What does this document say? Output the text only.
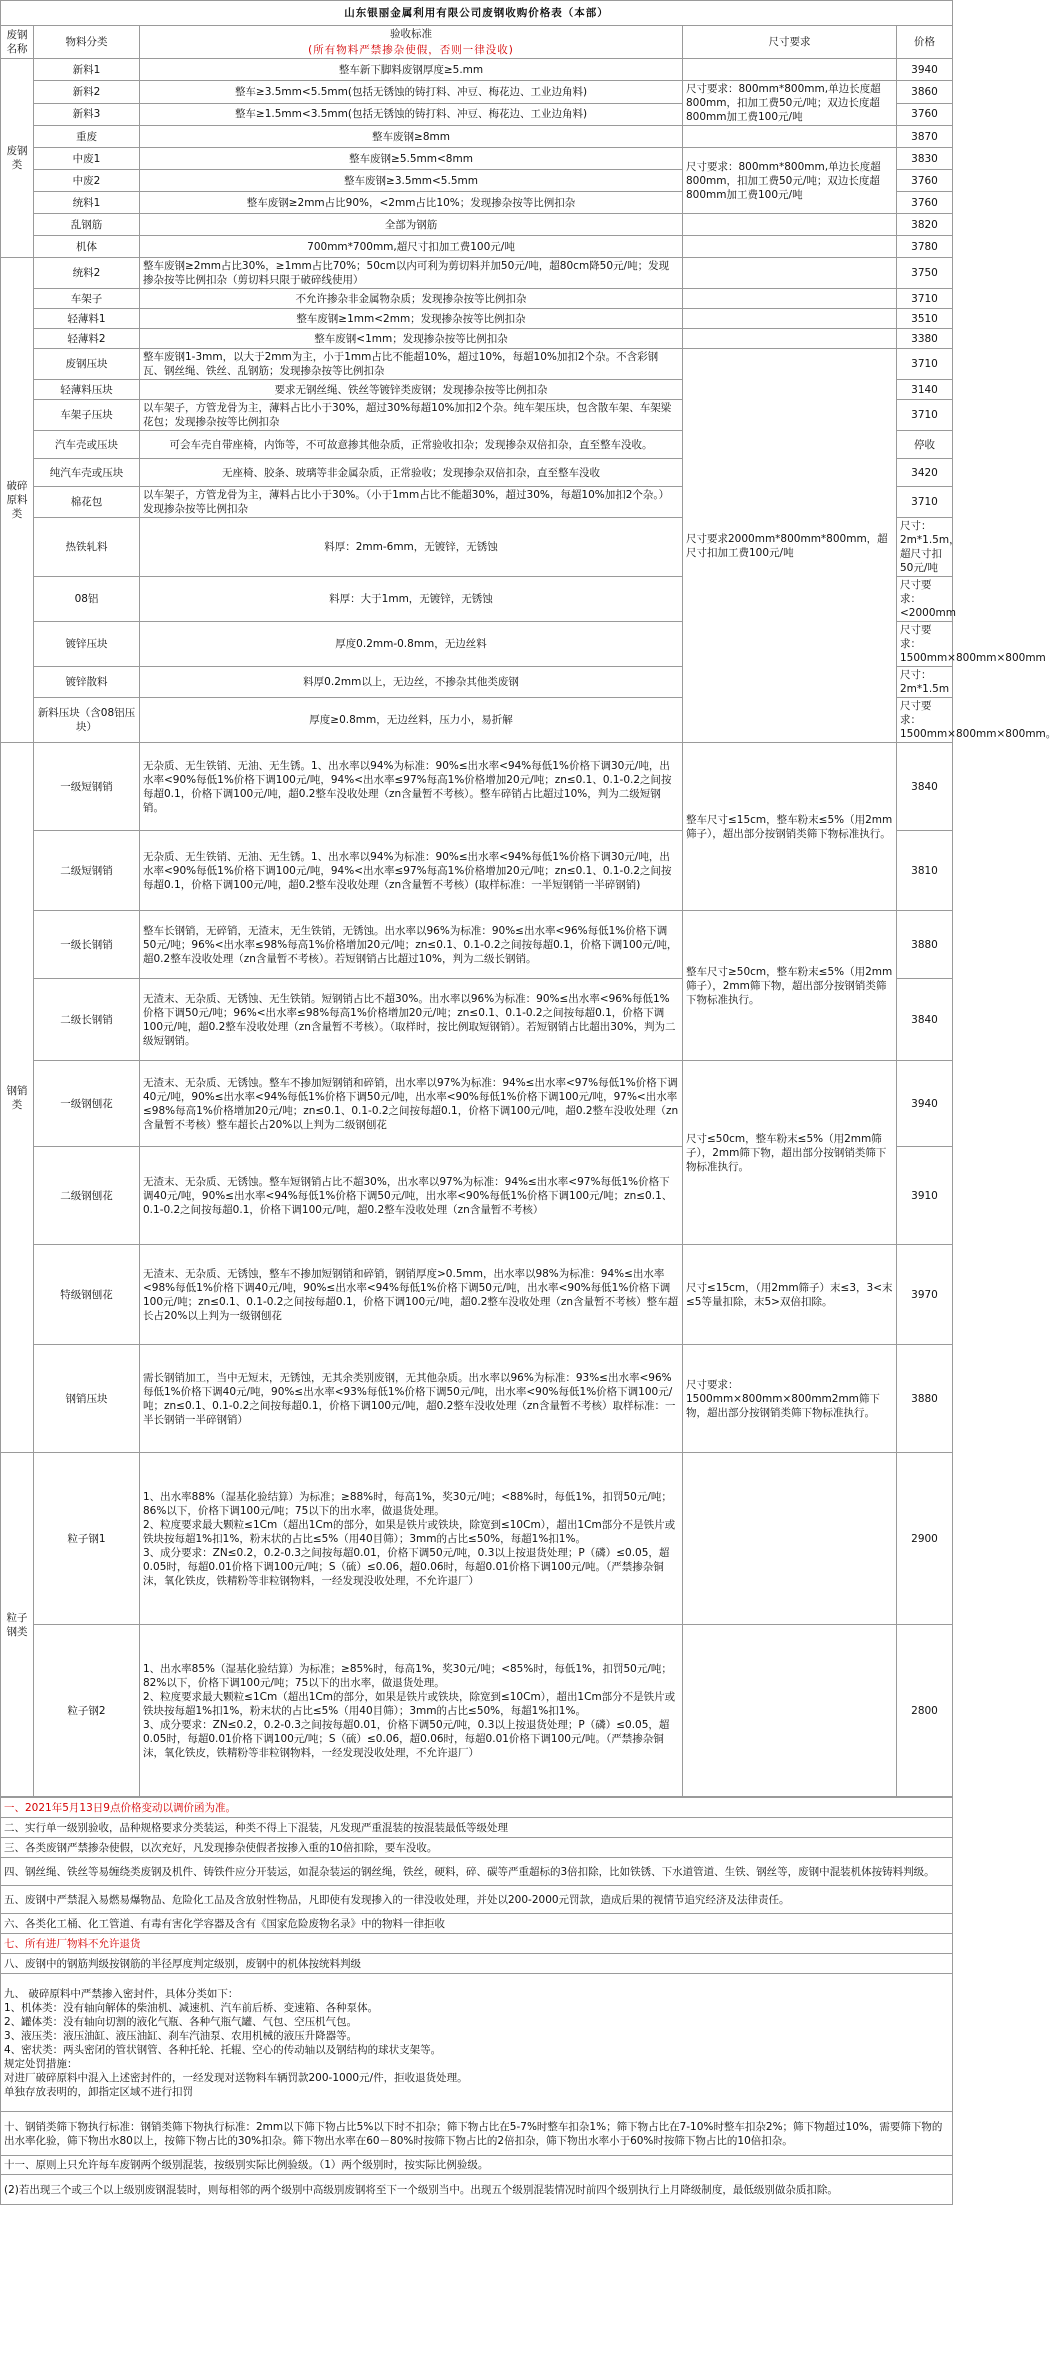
山东银丽金属利用有限公司废钢收购价格表（本部）					
废钢名称	物料分类	验收标准	尺寸要求	价格	
		(所有物料严禁掺杂使假，否则一律没收)			
废钢类	新料1	整车新下脚料废钢厚度≥5.mm		3940	
	新料2	整车≥3.5mm<5.5mm(包括无锈蚀的铸打料、冲豆、梅花边、工业边角料)	尺寸要求：800mm*800mm,单边长度超800mm，扣加工费50元/吨；双边长度超800mm加工费100元/吨	3860	
	新料3	整车≥1.5mm<3.5mm(包括无锈蚀的铸打料、冲豆、梅花边、工业边角料)		3760	
	重废	整车废钢≥8mm		3870	
	中废1	整车废钢≥5.5mm<8mm	尺寸要求：800mm*800mm,单边长度超800mm，扣加工费50元/吨；双边长度超800mm加工费100元/吨	3830	
	中废2	整车废钢≥3.5mm<5.5mm		3760	
	统料1	整车废钢≥2mm占比90%，<2mm占比10%；发现掺杂按等比例扣杂		3760	
	乱钢筋	全部为钢筋		3820	
	机体	700mm*700mm,超尺寸扣加工费100元/吨		3780	
破碎原料类	统料2	整车废钢≥2mm占比30%，≥1mm占比70%；50cm以内可利为剪切料并加50元/吨，超80cm降50元/吨；发现掺杂按等比例扣杂（剪切料只限于破碎线使用）		3750	
	车架子	不允许掺杂非金属物杂质；发现掺杂按等比例扣杂		3710	
	轻薄料1	整车废钢≥1mm<2mm；发现掺杂按等比例扣杂		3510	
	轻薄料2	整车废钢<1mm；发现掺杂按等比例扣杂		3380	
	废钢压块	整车废钢1-3mm，以大于2mm为主，小于1mm占比不能超10%，超过10%，每超10%加扣2个杂。不含彩钢瓦、钢丝绳、铁丝、乱钢筋；发现掺杂按等比例扣杂	尺寸要求2000mm*800mm*800mm，超尺寸扣加工费100元/吨	3710	
	轻薄料压块	要求无钢丝绳、铁丝等镀锌类废钢；发现掺杂按等比例扣杂		3140	
	车架子压块	以车架子，方管龙骨为主，薄料占比小于30%，超过30%每超10%加扣2个杂。纯车架压块，包含散车架、车架梁花包；发现掺杂按等比例扣杂		3710	
	汽车壳或压块	可会车壳自带座椅，内饰等，不可故意掺其他杂质，正常验收扣杂；发现掺杂双倍扣杂，直至整车没收。		停收	
	纯汽车壳或压块	无座椅、胶条、玻璃等非金属杂质，正常验收；发现掺杂双倍扣杂，直至整车没收		3420	
	棉花包	以车架子，方管龙骨为主，薄料占比小于30%。（小于1mm占比不能超30%，超过30%，每超10%加扣2个杂。）发现掺杂按等比例扣杂		3710	
	热铁轧料	料厚：2mm-6mm，无镀锌，无锈蚀		尺寸：2m*1.5m，超尺寸扣50元/吨	
	08铝	料厚：大于1mm，无镀锌，无锈蚀		尺寸要求：<2000mm	
	镀锌压块	厚度0.2mm-0.8mm，无边丝料		尺寸要求：1500mm×800mm×800mm	
	镀锌散料	料厚0.2mm以上，无边丝，不掺杂其他类废钢		尺寸：2m*1.5m	
	新料压块（含08铝压块）	厚度≥0.8mm，无边丝料，压力小，易折解		尺寸要求：1500mm×800mm×800mm。	
钢销类	一级短钢销	无杂质、无生铁销、无油、无生锈。1、出水率以94%为标准：90%≤出水率<94%每低1%价格下调30元/吨，出水率<90%每低1%价格下调100元/吨，94%<出水率≤97%每高1%价格增加20元/吨；zn≤0.1、0.1-0.2之间按每超0.1，价格下调100元/吨，超0.2整车没收处理（zn含量暂不考核）。整车碎销占比超过10%，判为二级短钢销。	整车尺寸≤15cm，整车粉末≤5%（用2mm筛子），超出部分按钢销类筛下物标准执行。	3840	
	二级短钢销	无杂质、无生铁销、无油、无生锈。1、出水率以94%为标准：90%≤出水率<94%每低1%价格下调30元/吨，出水率<90%每低1%价格下调100元/吨，94%<出水率≤97%每高1%价格增加20元/吨；zn≤0.1、0.1-0.2之间按每超0.1，价格下调100元/吨，超0.2整车没收处理（zn含量暂不考核）(取样标准：一半短钢销一半碎钢销)		3810	
	一级长钢销	整车长钢销，无碎销，无渣末，无生铁销，无锈蚀。出水率以96%为标准：90%≤出水率<96%每低1%价格下调50元/吨；96%<出水率≤98%每高1%价格增加20元/吨；zn≤0.1、0.1-0.2之间按每超0.1，价格下调100元/吨，超0.2整车没收处理（zn含量暂不考核）。若短钢销占比超过10%，判为二级长钢销。	整车尺寸≥50cm，整车粉末≤5%（用2mm筛子），2mm筛下物，超出部分按钢销类筛下物标准执行。	3880	
	二级长钢销	无渣末、无杂质、无锈蚀、无生铁销。短钢销占比不超30%。出水率以96%为标准：90%≤出水率<96%每低1%价格下调50元/吨；96%<出水率≤98%每高1%价格增加20元/吨；zn≤0.1、0.1-0.2之间按每超0.1，价格下调100元/吨，超0.2整车没收处理（zn含量暂不考核）。（取样时，按比例取短钢销）。若短钢销占比超出30%，判为二级短钢销。		3840	
	一级钢刨花	无渣末、无杂质、无锈蚀。整车不掺加短钢销和碎销，出水率以97%为标准：94%≤出水率<97%每低1%价格下调40元/吨，90%≤出水率<94%每低1%价格下调50元/吨，出水率<90%每低1%价格下调100元/吨，97%<出水率≤98%每高1%价格增加20元/吨；zn≤0.1、0.1-0.2之间按每超0.1，价格下调100元/吨，超0.2整车没收处理（zn含量暂不考核）整车超长占20%以上判为二级钢刨花	尺寸≤50cm，整车粉末≤5%（用2mm筛子），2mm筛下物，超出部分按钢销类筛下物标准执行。	3940	
	二级钢刨花	无渣末、无杂质、无锈蚀。整车短钢销占比不超30%，出水率以97%为标准：94%≤出水率<97%每低1%价格下调40元/吨，90%≤出水率<94%每低1%价格下调50元/吨，出水率<90%每低1%价格下调100元/吨；zn≤0.1、0.1-0.2之间按每超0.1，价格下调100元/吨，超0.2整车没收处理（zn含量暂不考核）		3910	
	特级钢刨花	无渣末、无杂质、无锈蚀，整车不掺加短钢销和碎销，钢销厚度>0.5mm，出水率以98%为标准：94%≤出水率<98%每低1%价格下调40元/吨，90%≤出水率<94%每低1%价格下调50元/吨，出水率<90%每低1%价格下调100元/吨；zn≤0.1、0.1-0.2之间按每超0.1，价格下调100元/吨，超0.2整车没收处理（zn含量暂不考核）整车超长占20%以上判为一级钢刨花	尺寸≤15cm，（用2mm筛子）末≤3，3<末≤5等量扣除，末5>双倍扣除。	3970	
	钢销压块	需长钢销加工，当中无短末，无锈蚀，无其余类别废钢，无其他杂质。出水率以96%为标准：93%≤出水率<96%每低1%价格下调40元/吨，90%≤出水率<93%每低1%价格下调50元/吨，出水率<90%每低1%价格下调100元/吨；zn≤0.1、0.1-0.2之间按每超0.1，价格下调100元/吨，超0.2整车没收处理（zn含量暂不考核）取样标准：一半长钢销一半碎钢销）	尺寸要求：1500mm×800mm×800mm2mm筛下物，超出部分按钢销类筛下物标准执行。	3880	
粒子钢类	粒子钢1	1、出水率88%（湿基化验结算）为标准；≥88%时，每高1%，奖30元/吨；<88%时，每低1%，扣罚50元/吨；86%以下，价格下调100元/吨；75以下的出水率，做退货处理。
2、粒度要求最大颗粒≤1Cm（超出1Cm的部分，如果是铁片或铁块，除宽到≤10Cm），超出1Cm部分不是铁片或铁块按每超1%扣1%，粉末状的占比≤5%（用40目筛）；3mm的占比≤50%，每超1%扣1%。
3、成分要求：ZN≤0.2，0.2-0.3之间按每超0.01，价格下调50元/吨，0.3以上按退货处理；P（磷）≤0.05，超0.05时，每超0.01价格下调100元/吨；S（硫）≤0.06，超0.06时，每超0.01价格下调100元/吨。（严禁掺杂铜沫，氧化铁皮，铁精粉等非粒钢物料，一经发现没收处理，不允许退厂）		2900	
	粒子钢2	1、出水率85%（湿基化验结算）为标准；≥85%时，每高1%，奖30元/吨；<85%时，每低1%，扣罚50元/吨；82%以下，价格下调100元/吨；75以下的出水率，做退货处理。
2、粒度要求最大颗粒≤1Cm（超出1Cm的部分，如果是铁片或铁块，除宽到≤10Cm），超出1Cm部分不是铁片或铁块按每超1%扣1%，粉末状的占比≤5%（用40目筛）；3mm的占比≤50%，每超1%扣1%。
3、成分要求：ZN≤0.2，0.2-0.3之间按每超0.01，价格下调50元/吨，0.3以上按退货处理；P（磷）≤0.05，超0.05时，每超0.01价格下调100元/吨；S（硫）≤0.06，超0.06时，每超0.01价格下调100元/吨。（严禁掺杂铜沫，氧化铁皮，铁精粉等非粒钢物料，一经发现没收处理，不允许退厂）		2800	
一、2021年5月13日9点价格变动以调价函为准。
二、实行单一级别验收，品种规格要求分类装运，种类不得上下混装，凡发现严重混装的按混装最低等级处理
三、各类废钢严禁掺杂使假，以次充好，凡发现掺杂使假者按掺入重的10倍扣除，要车没收。
四、钢丝绳、铁丝等易缠绕类废钢及机件、铸铁件应分开装运，如混杂装运的钢丝绳，铁丝，硬料，碎、碳等严重超标的3倍扣除，比如铁锈、下水道管道、生铁、钢丝等，废钢中混装机体按铸料判级。
五、废钢中严禁混入易燃易爆物品、危险化工品及含放射性物品，凡即使有发现掺入的一律没收处理，并处以200-2000元罚款，造成后果的视情节追究经济及法律责任。
六、各类化工桶、化工管道、有毒有害化学容器及含有《国家危险废物名录》中的物料一律拒收
七、所有进厂物料不允许退货
八、废钢中的钢筋判级按钢筋的半径厚度判定级别，废钢中的机体按统料判级
九、 破碎原料中严禁掺入密封件，具体分类如下：
1、机体类：没有轴向解体的柴油机、减速机、汽车前后桥、变速箱、各种泵体。
2、罐体类：没有轴向切割的液化气瓶、各种气瓶气罐、气包、空压机气包。
3、液压类：液压油缸、液压油缸、刹车汽油泵、农用机械的液压升降器等。
4、密状类：两头密闭的管状钢管、各种托轮、托辊、空心的传动轴以及钢结构的球状支架等。
规定处罚措施：
对进厂破碎原料中混入上述密封件的，一经发现对送物料车辆罚款200-1000元/件，拒收退货处理。
单独存放表明的，卸指定区域不进行扣罚
十、钢销类筛下物执行标准：钢销类筛下物执行标准：2mm以下筛下物占比5%以下时不扣杂；筛下物占比在5-7%时整车扣杂1%；筛下物占比在7-10%时整车扣杂2%；筛下物超过10%，需要筛下物的出水率化验，筛下物出水80以上，按筛下物占比的30%扣杂。筛下物出水率在60－80%时按筛下物占比的2倍扣杂，筛下物出水率小于60%时按筛下物占比的10倍扣杂。
十一、原则上只允许每车废钢两个级别混装，按级别实际比例验级。（1）两个级别时，按实际比例验级。
(2)若出现三个或三个以上级别废钢混装时，则每相邻的两个级别中高级别废钢将至下一个级别当中。出现五个级别混装情况时前四个级别执行上月降级制度，最低级别做杂质扣除。
